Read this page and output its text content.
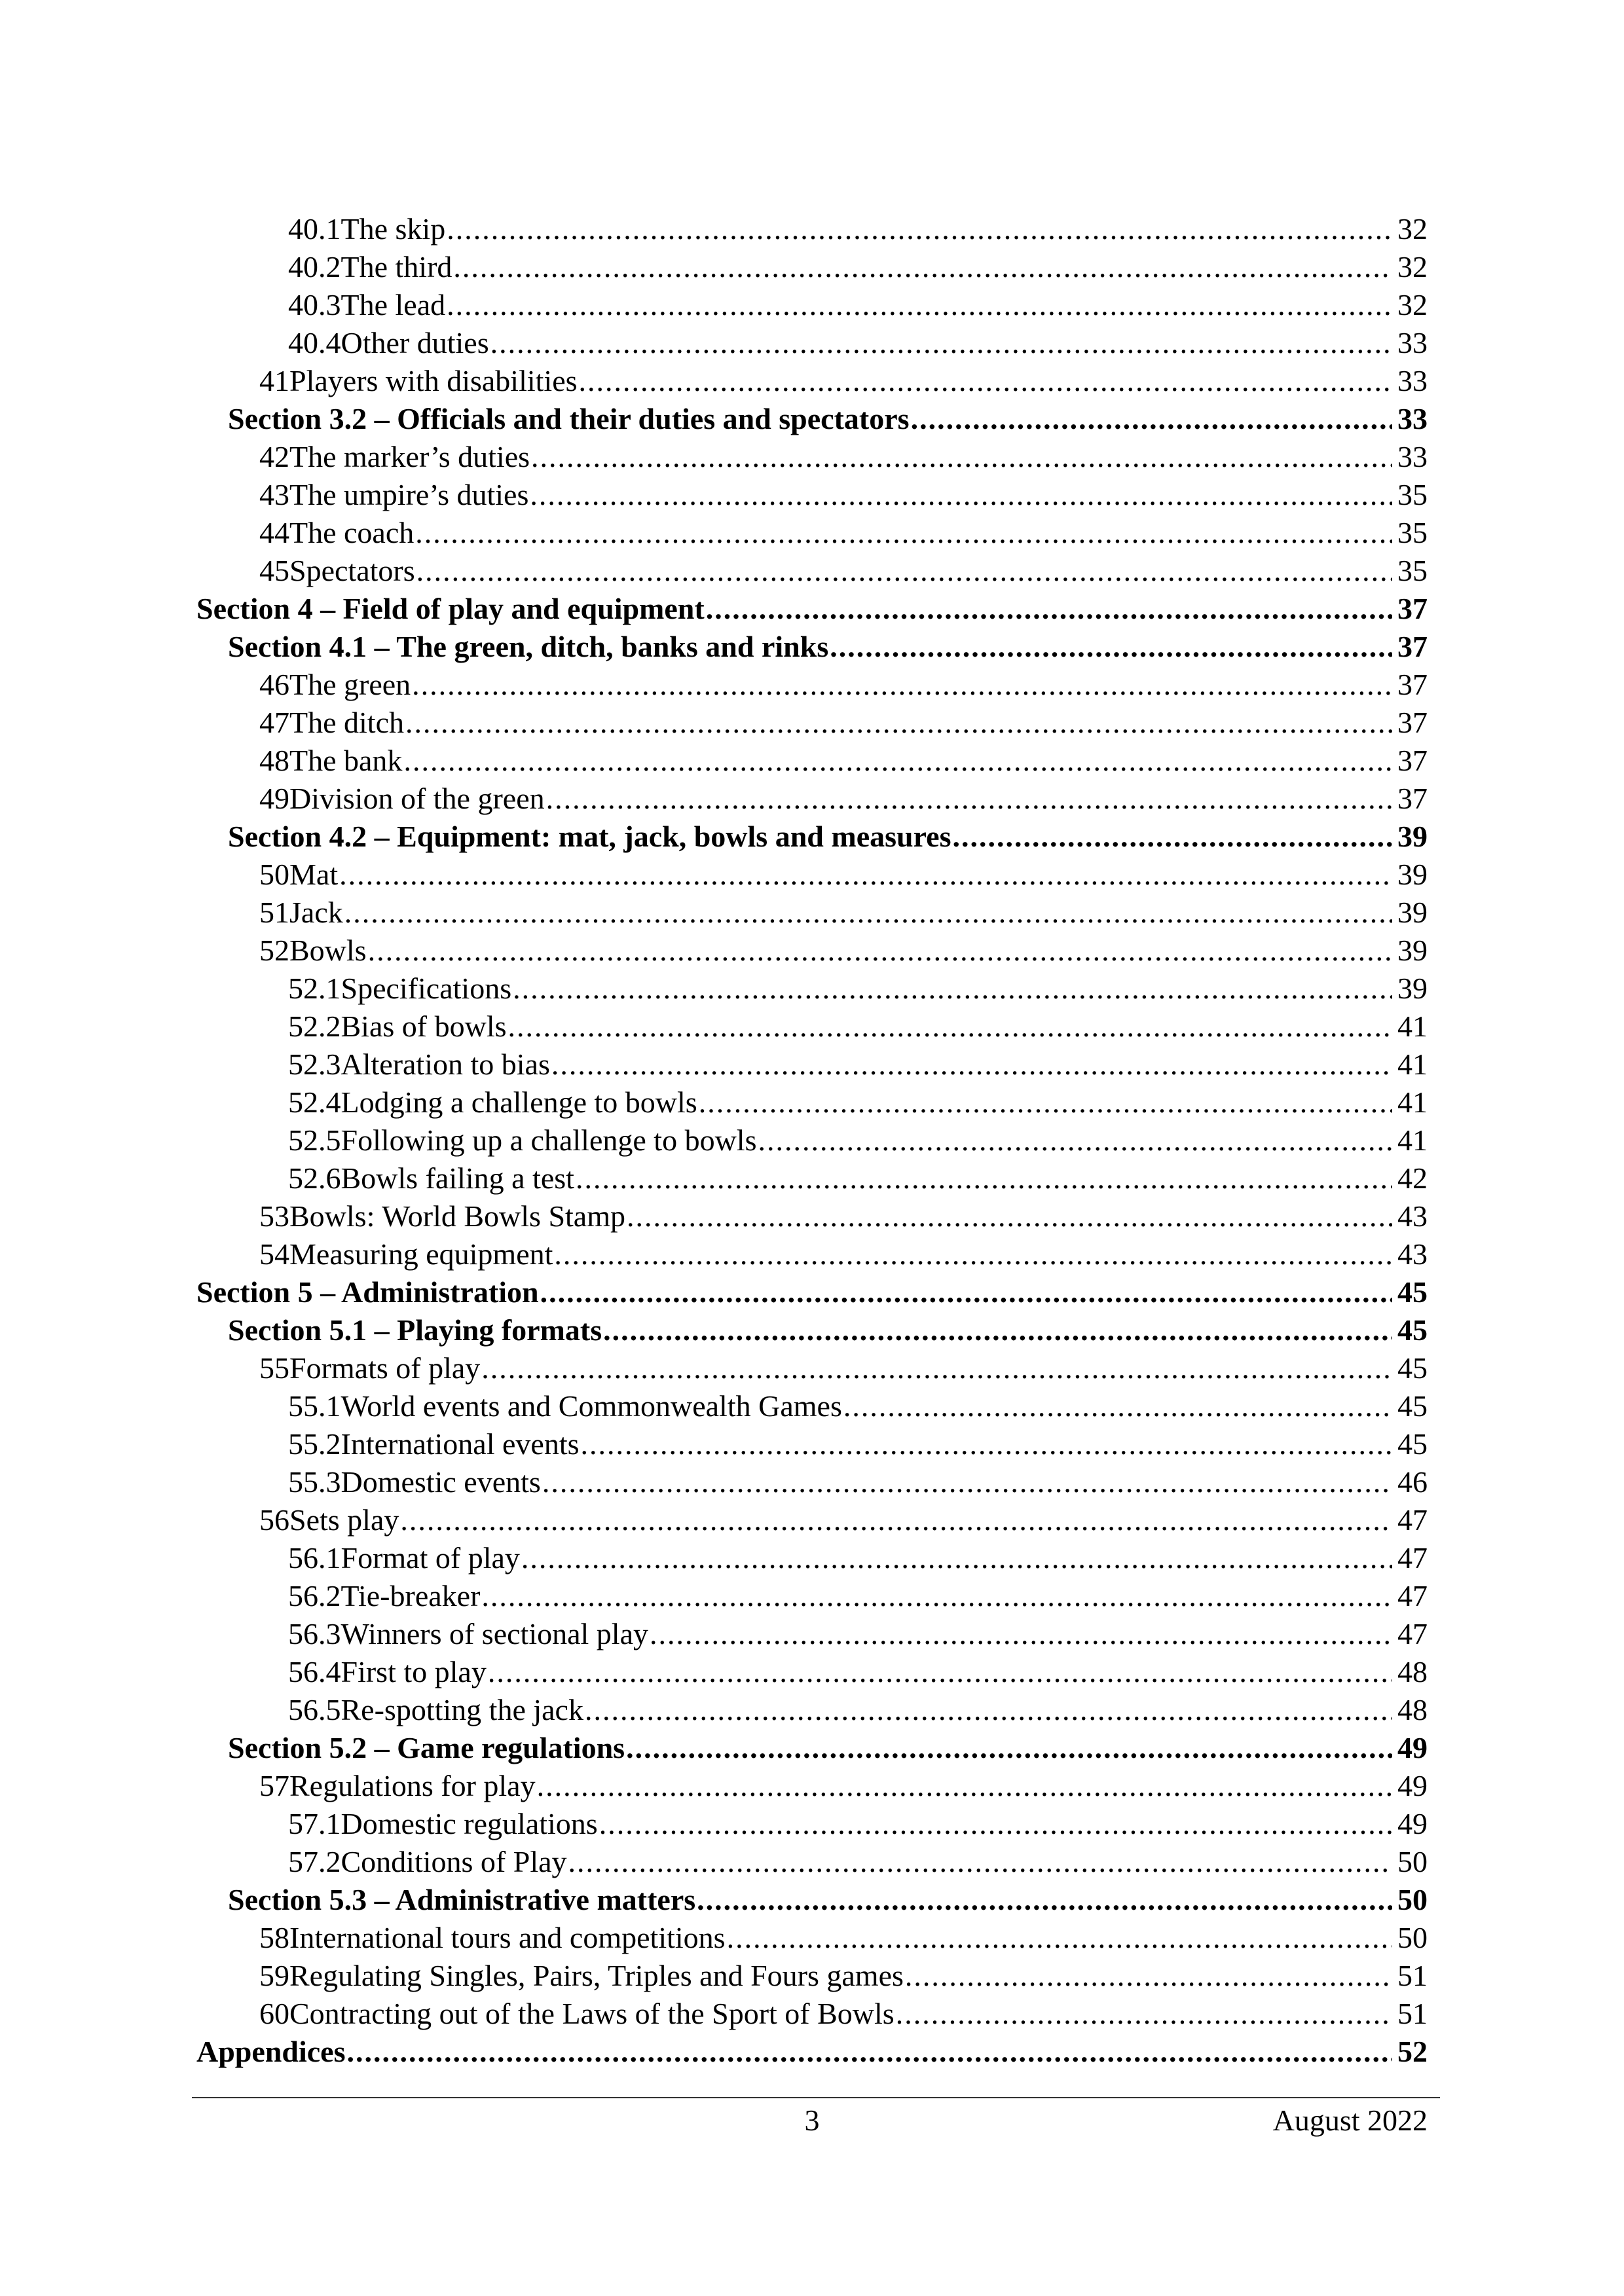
40.1 The skip .....	32
40.2 The third .....	32
40.3 The lead .....	32
40.4 Other duties .....	33
41 Players with disabilities .....	33
Section 3.2 – Officials and their duties and spectators .....	33
42 The marker’s duties .....	33
43 The umpire’s duties .....	35
44 The coach .....	35
45 Spectators .....	35
Section 4 – Field of play and equipment .....	37
Section 4.1 – The green, ditch, banks and rinks .....	37
46 The green .....	37
47 The ditch .....	37
48 The bank .....	37
49 Division of the green .....	37
Section 4.2 – Equipment: mat, jack, bowls and measures .....	39
50 Mat .....	39
51 Jack .....	39
52 Bowls .....	39
52.1 Specifications .....	39
52.2 Bias of bowls .....	41
52.3 Alteration to bias .....	41
52.4 Lodging a challenge to bowls .....	41
52.5 Following up a challenge to bowls .....	41
52.6 Bowls failing a test .....	42
53 Bowls: World Bowls Stamp .....	43
54 Measuring equipment .....	43
Section 5 – Administration .....	45
Section 5.1 – Playing formats .....	45
55 Formats of play .....	45
55.1 World events and Commonwealth Games .....	45
55.2 International events .....	45
55.3 Domestic events .....	46
56 Sets play .....	47
56.1 Format of play .....	47
56.2 Tie-breaker .....	47
56.3 Winners of sectional play .....	47
56.4 First to play .....	48
56.5 Re-spotting the jack .....	48
Section 5.2 – Game regulations .....	49
57 Regulations for play .....	49
57.1 Domestic regulations .....	49
57.2 Conditions of Play .....	50
Section 5.3 – Administrative matters .....	50
58 International tours and competitions .....	50
59 Regulating Singles, Pairs, Triples and Fours games .....	51
60 Contracting out of the Laws of the Sport of Bowls .....	51
Appendices .....	52
3	August 2022
